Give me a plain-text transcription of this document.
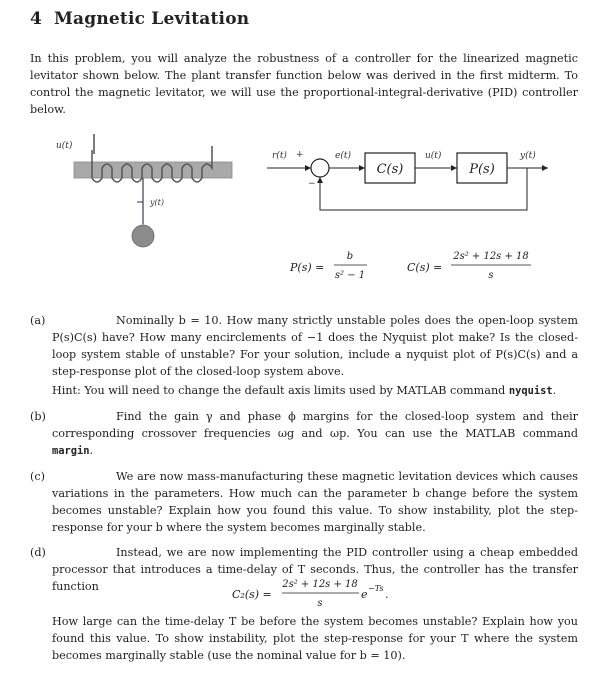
4 Magnetic Levitation
In this problem, you will analyze the robustness of a controller for the linearized magnetic levitator shown below. The plant transfer function below was derived in the first midterm. To control the magnetic levitator, we will use the proportional-integral-derivative (PID) controller below.
u(t)
y(t)
r(t) +
−
e(t)
C(s)
u(t)
P(s)
y(t)
P(s) =
b
s² − 1
C(s) =
2s² + 12s + 18
s
(a)	Nominally b = 10. How many strictly unstable poles does the open-loop system P(s)C(s) have? How many encirclements of −1 does the Nyquist plot make? Is the closed-loop system stable of unstable? For your solution, include a nyquist plot of P(s)C(s) and a step-response plot of the closed-loop system above.
Hint: You will need to change the default axis limits used by MATLAB command nyquist.
(b)	Find the gain γ and phase ϕ margins for the closed-loop system and their corresponding crossover frequencies ωg and ωp. You can use the MATLAB command margin.
(c)	We are now mass-manufacturing these magnetic levitation devices which causes variations in the parameters. How much can the parameter b change before the system becomes unstable? Explain how you found this value. To show instability, plot the step-response for your b where the system becomes marginally stable.
(d)	Instead, we are now implementing the PID controller using a cheap embedded processor that introduces a time-delay of T seconds. Thus, the controller has the transfer function
C₂(s) =
2s² + 12s + 18
s
e −Ts .
How large can the time-delay T be before the system becomes unstable? Explain how you found this value. To show instability, plot the step-response for your T where the system becomes marginally stable (use the nominal value for b = 10).
